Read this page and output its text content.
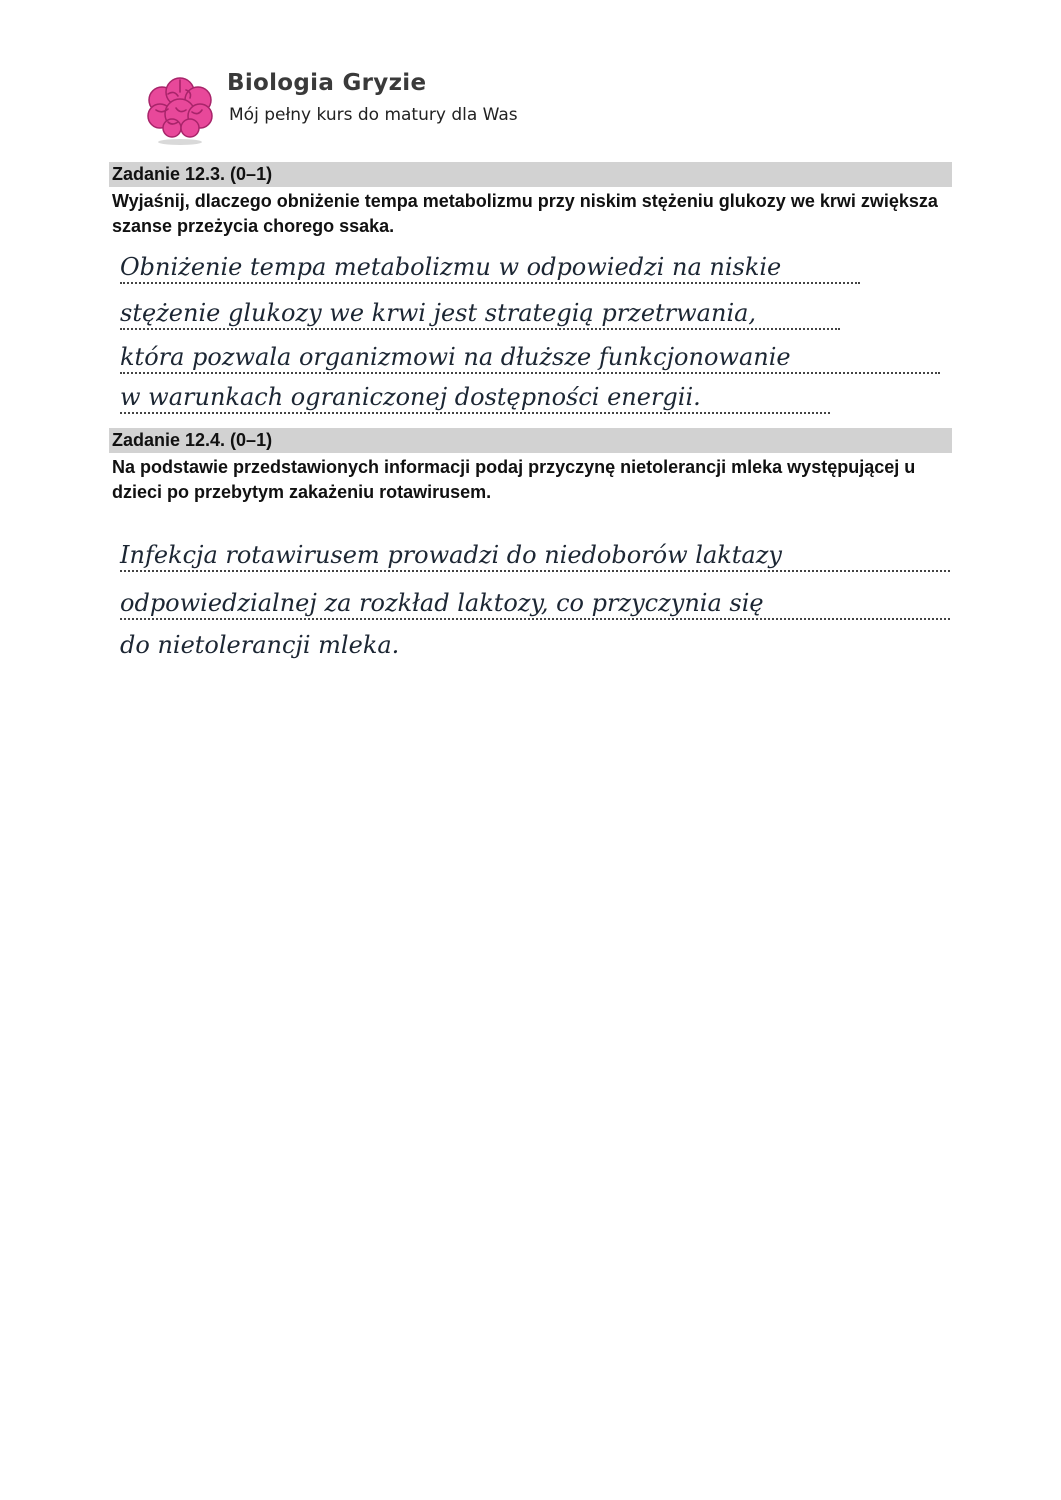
Biologia Gryzie

Mój pełny kurs do matury dla Was

Zadanie 12.3. (0–1)

Wyjaśnij, dlaczego obniżenie tempa metabolizmu przy niskim stężeniu glukozy we krwi zwiększa szanse przeżycia chorego ssaka.

Obniżenie tempa metabolizmu w odpowiedzi na niskie

stężenie glukozy we krwi jest strategią przetrwania,

która pozwala organizmowi na dłuższe funkcjonowanie

w warunkach ograniczonej dostępności energii.

Zadanie 12.4. (0–1)

Na podstawie przedstawionych informacji podaj przyczynę nietolerancji mleka występującej u dzieci po przebytym zakażeniu rotawirusem.

Infekcja rotawirusem prowadzi do niedoborów laktazy

odpowiedzialnej za rozkład laktozy, co przyczynia się

do nietolerancji mleka.
